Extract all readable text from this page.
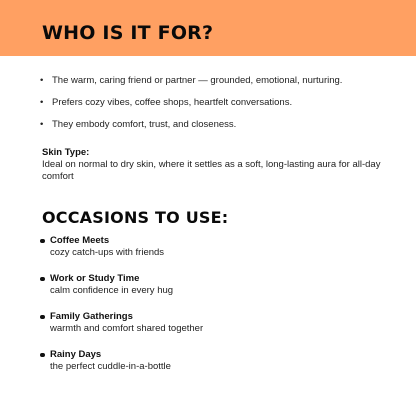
WHO IS IT FOR?
• The warm, caring friend or partner — grounded, emotional, nurturing.
• Prefers cozy vibes, coffee shops, heartfelt conversations.
• They embody comfort, trust, and closeness.
Skin Type:
Ideal on normal to dry skin, where it settles as a soft, long-lasting aura for all-day comfort
OCCASIONS TO USE:
Coffee Meets
cozy catch-ups with friends
Work or Study Time
calm confidence in every hug
Family Gatherings
warmth and comfort shared together
Rainy Days
the perfect cuddle-in-a-bottle
